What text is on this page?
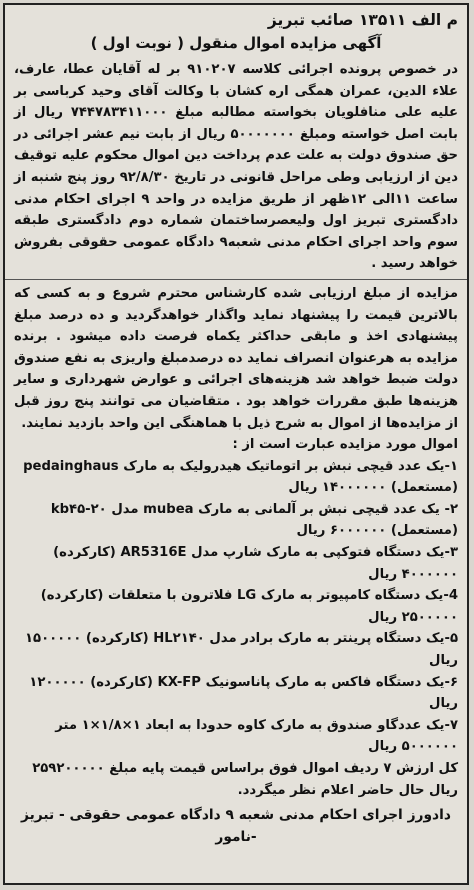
م الف ۱۳۵۱۱ صائب تبریز
آگهی مزایده اموال منقول ( نوبت اول )

در خصوص پرونده اجرائی کلاسه ۹۱۰۲۰۷ بر له آقایان عطا، عارف، علاء الدین، عمران همگی اره کشان با وکالت آقای وحید کرباسی بر علیه علی منافلویان بخواسته مطالبه مبلغ ۷۴۴۷۸۳۴۱۱۰۰۰ ریال از بابت اصل خواسته ومبلغ ۵۰۰۰۰۰۰۰ ریال از بابت نیم عشر اجرائی در حق صندوق دولت به علت عدم پرداخت دین اموال محکوم علیه توقیف دین از ارزیابی وطی مراحل قانونی در تاریخ ۹۲/۸/۳۰ روز پنج شنبه از ساعت ۱۱الی ۱۲ظهر از طریق مزایده در واحد ۹ اجرای احکام مدنی دادگستری تبریز اول ولیعصرساختمان شماره دوم دادگستری طبقه سوم واحد اجرای احکام مدنی شعبه۹ دادگاه عمومی حقوقی بفروش خواهد رسید .

مزایده از مبلغ ارزیابی شده کارشناس محترم شروع و به کسی که بالاترین قیمت را پیشنهاد نماید واگذار خواهدگردید و ده درصد مبلغ پیشنهادی اخذ و مابقی حداکثر یکماه فرصت داده میشود . برنده مزایده به هرعنوان انصراف نماید ده درصدمبلغ واریزی به نفع صندوق دولت ضبط خواهد شد هزینه‌های اجرائی و عوارض شهرداری و سایر هزینه‌ها طبق مقررات خواهد بود . متقاضیان می توانند پنج روز قبل از مزایده‌ها از اموال به شرح ذیل با هماهنگی این واحد بازدید نمایند.

اموال مورد مزایده عبارت است از :
۱-یک عدد قیچی نبش بر اتوماتیک هیدرولیک به مارک pedainghaus (مستعمل) ۱۴۰۰۰۰۰۰ ریال
۲- یک عدد قیچی نبش بر آلمانی به مارک mubea مدل ۲۰-kb۴۵ (مستعمل) ۶۰۰۰۰۰۰ ریال
۳-یک دستگاه فتوکپی به مارک شارپ مدل AR5316E (کارکرده) ۴۰۰۰۰۰۰ ریال
4-یک دستگاه کامپیوتر به مارک LG فلاترون با متعلقات (کارکرده) ۲۵۰۰۰۰۰ ریال
۵-یک دستگاه پرینتر به مارک برادر مدل HL۲۱۴۰ (کارکرده) ۱۵۰۰۰۰۰ ریال
۶-یک دستگاه فاکس به مارک پاناسونیک KX-FP (کارکرده) ۱۲۰۰۰۰۰ ریال
۷-یک عددگاو صندوق به مارک کاوه حدودا به ابعاد ۱×۱/۸×۱ متر ۵۰۰۰۰۰۰ ریال
کل ارزش ۷ ردیف اموال فوق براساس قیمت پایه مبلغ ۲۵۹۲۰۰۰۰۰ ریال حال حاضر اعلام نظر میگردد.
دادورز اجرای احکام مدنی شعبه ۹ دادگاه عمومی حقوقی - تبریز -نامور
